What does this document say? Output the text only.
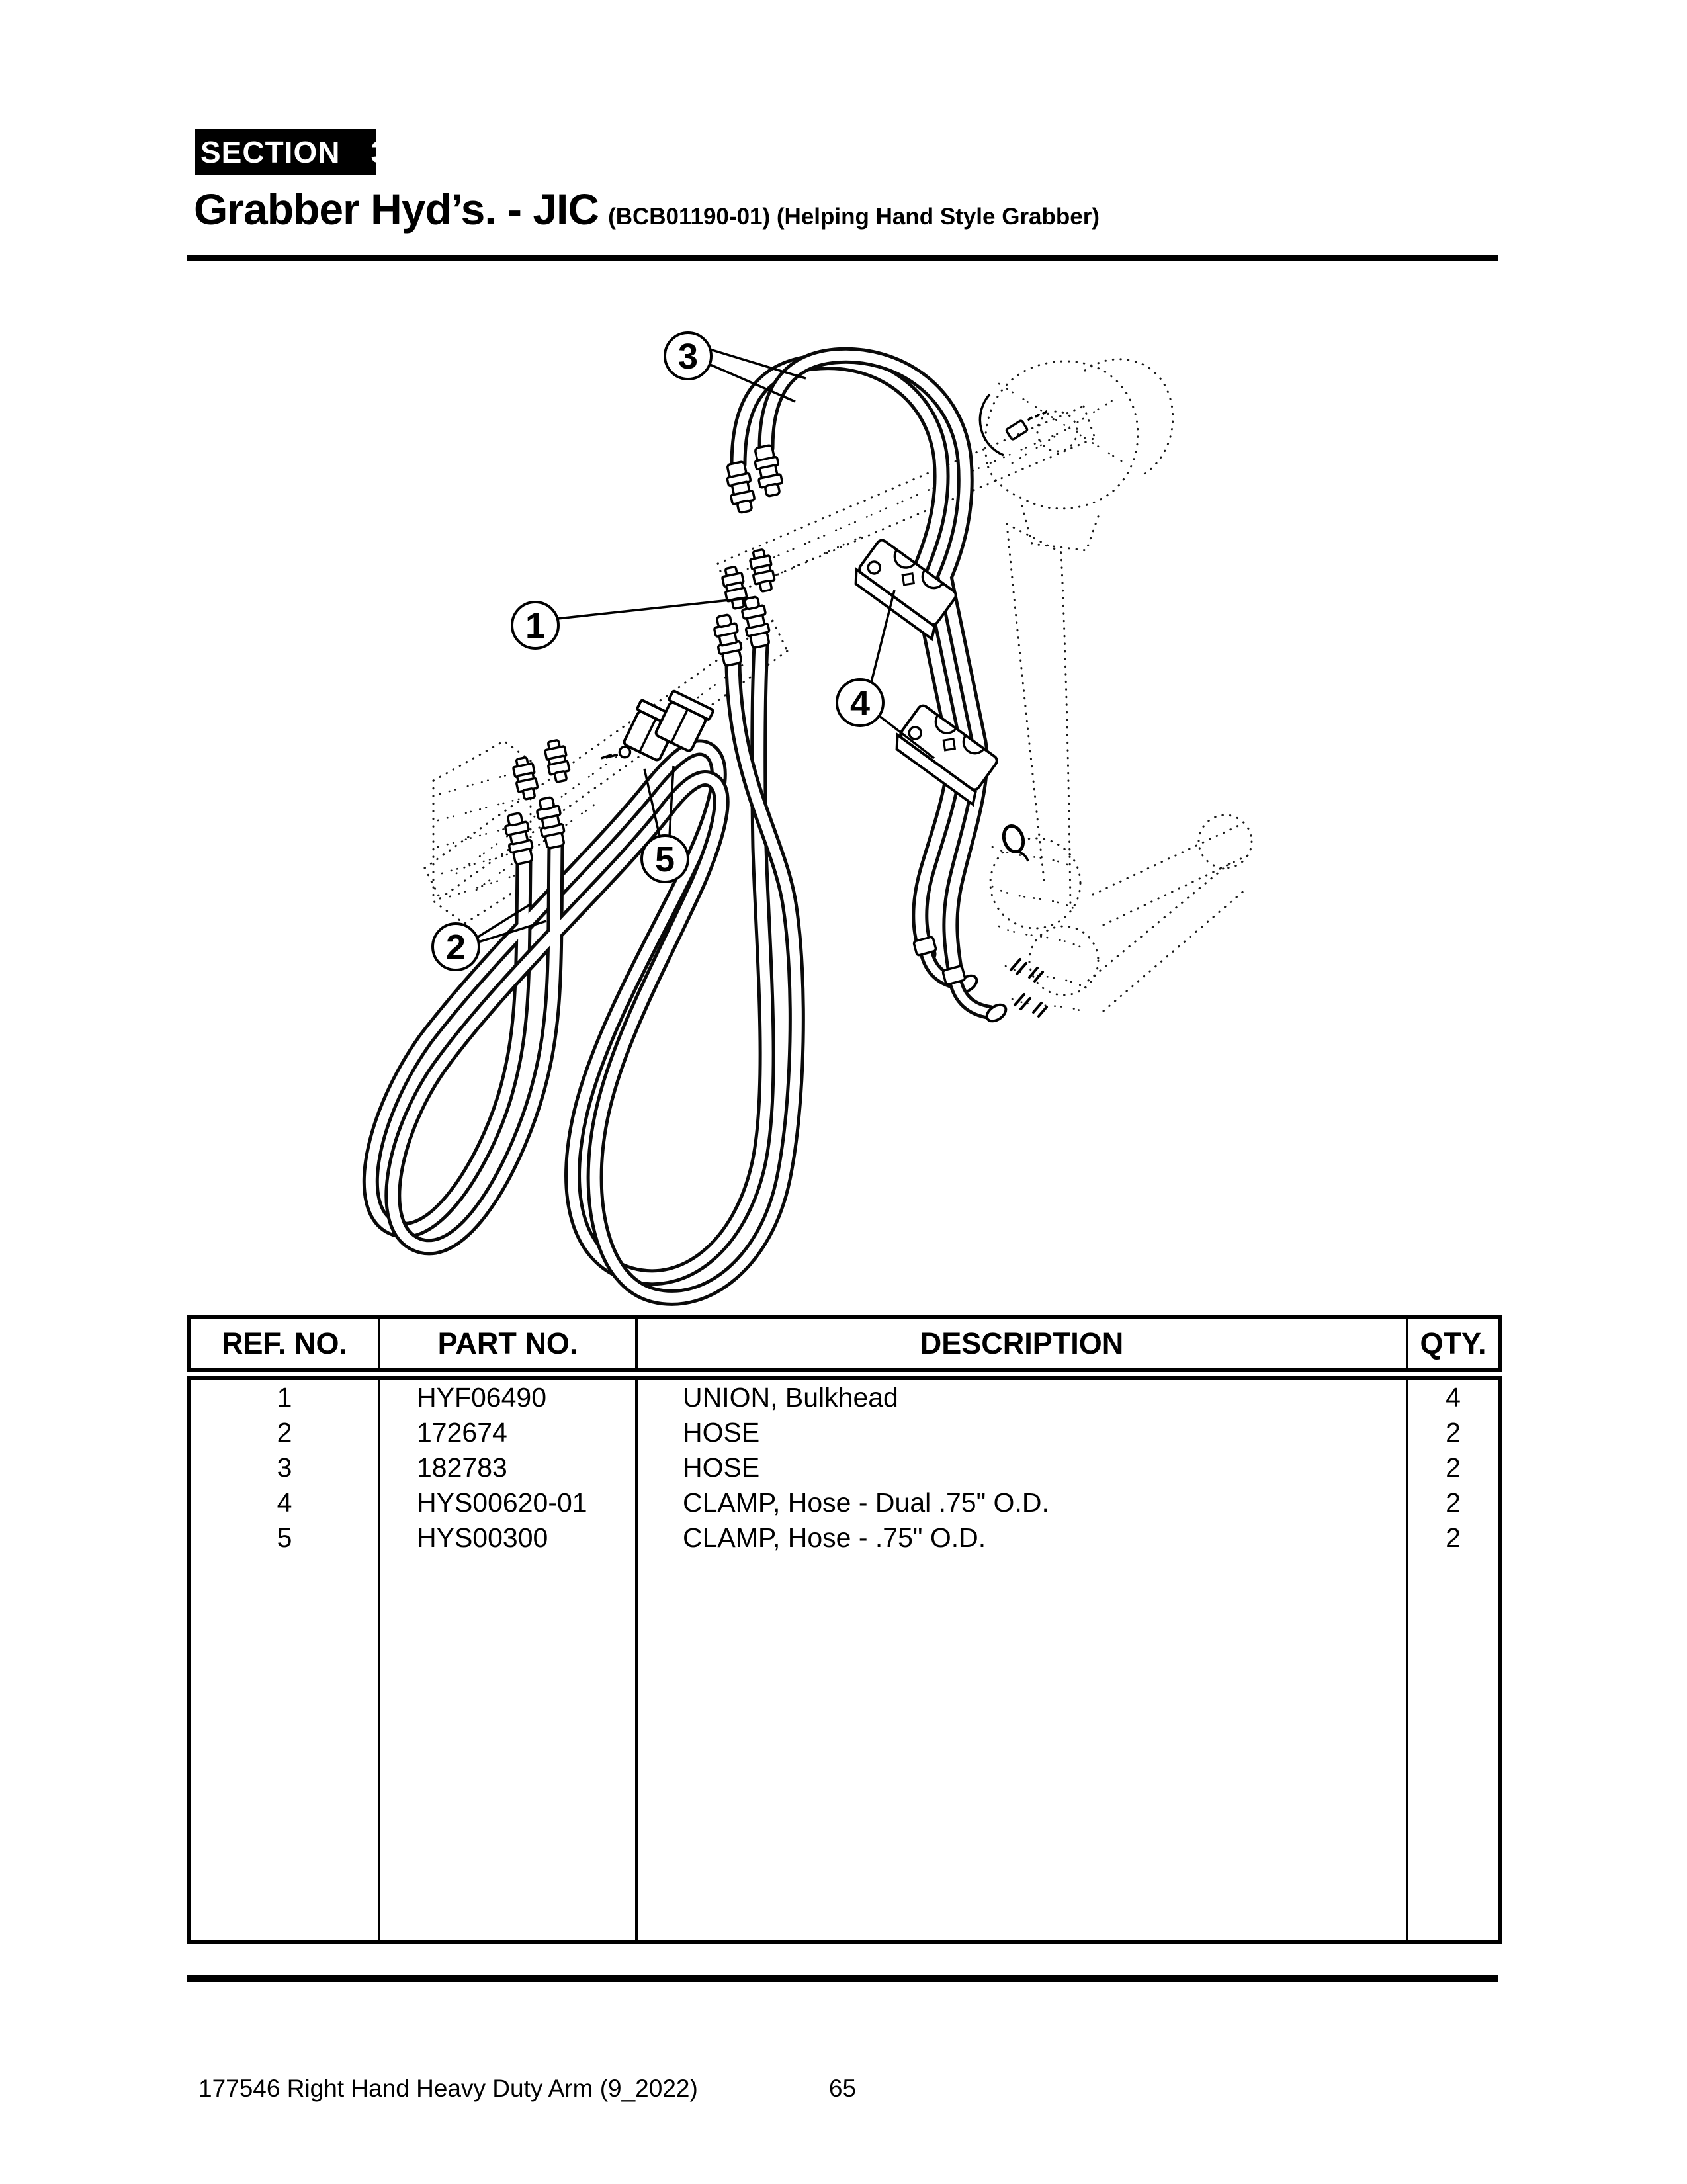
SECTION 3
Grabber Hyd’s. - JIC (BCB01190-01) (Helping Hand Style Grabber)
1
2
3
4
5
REF. NO.	PART NO.	DESCRIPTION	QTY.
1	HYF06490	UNION, Bulkhead	4
2	172674	HOSE	2
3	182783	HOSE	2
4	HYS00620-01	CLAMP, Hose - Dual .75" O.D.	2
5	HYS00300	CLAMP, Hose - .75" O.D.	2

177546 Right Hand Heavy Duty Arm (9_2022)	65
